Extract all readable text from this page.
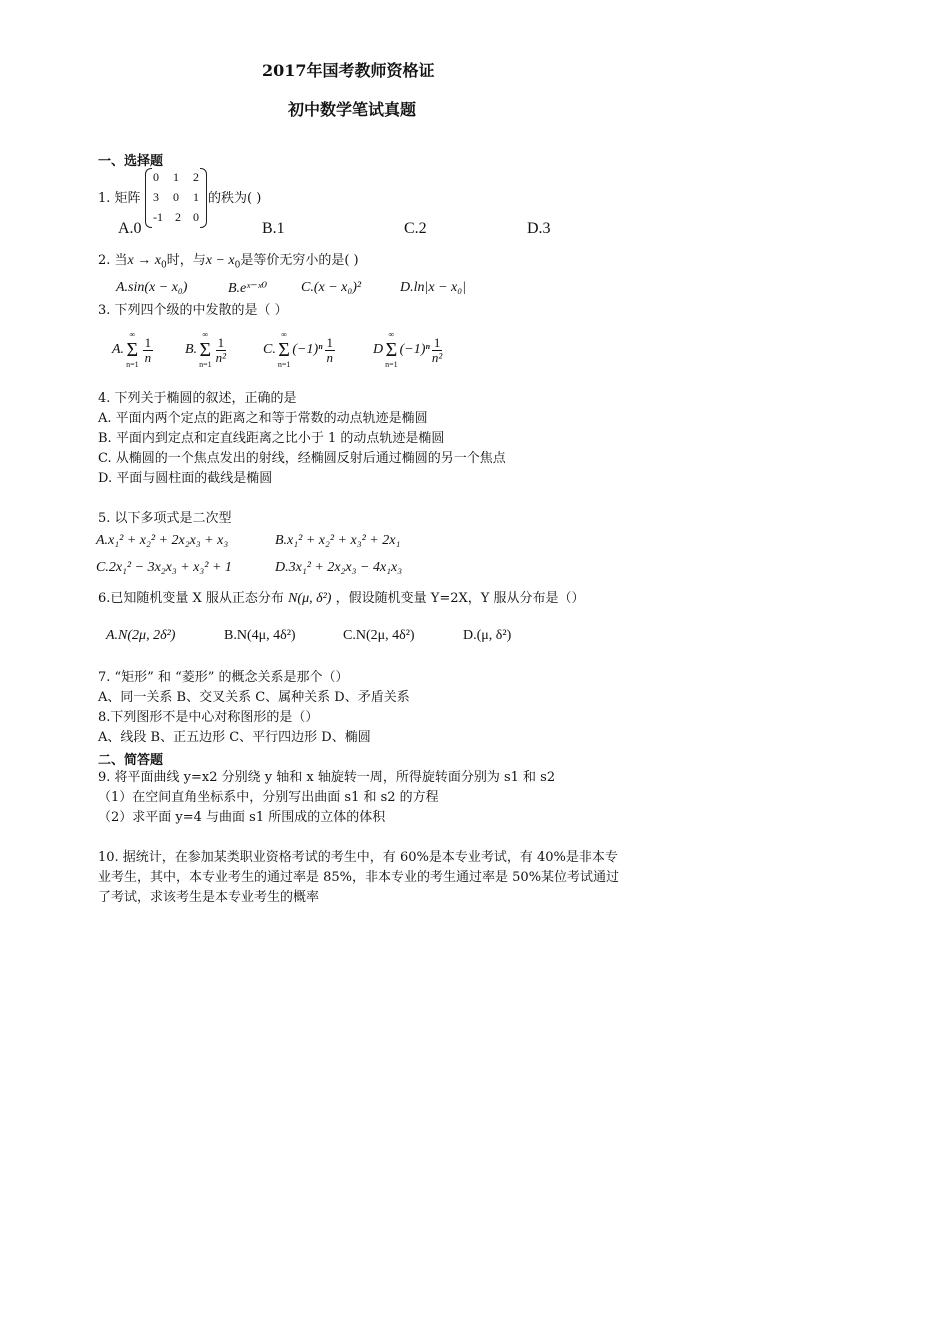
2017年国考教师资格证
初中数学笔试真题
一、选择题
1. 矩阵
0 1 2
3 0 1
-1 2 0
的秩为( )
A.0	B.1	C.2	D.3
2. 当$x \to x_0$时，与$x - x_0$是等价无穷小的是( )
A.sin(x − x₀)	B.eˣ⁻ˣ⁰ C.(x − x₀)²	D.ln|x − x₀|
3. 下列四个级的中发散的是（ ）
A.
∞
Σ
$n=1 \frac{1}{n} B$.
∞
Σ
$n=1 \frac{1}{\text{n²}}$	C.
∞
Σ
n=1
$(-1)^n \frac{1}{n}$	D
∞
Σ
n=1
$(-1)^n \frac{1}{\text{n²}}$
4. 下列关于椭圆的叙述，正确的是
A. 平面内两个定点的距离之和等于常数的动点轨迹是椭圆
B. 平面内到定点和定直线距离之比小于 1 的动点轨迹是椭圆
C. 从椭圆的一个焦点发出的射线，经椭圆反射后通过椭圆的另一个焦点
D. 平面与圆柱面的截线是椭圆
5. 以下多项式是二次型
A.x₁² + x₂² + 2x₂x₃ + x₃	B.x₁² + x₂² + x₃² + 2x₁
C.2x₁² − 3x₂x₃ + x₃² + 1	D.3x₁² + 2x₂x₃ − 4x₁x₃
6.已知随机变量 X 服从正态分布 N(μ, δ²) ，假设随机变量 Y=2X，Y 服从分布是（）
A.N(2μ, 2δ²)	B.N(4μ, 4δ²)	C.N(2μ, 4δ²)	D.(μ, δ²)
7. “矩形” 和 “菱形” 的概念关系是那个（）
A、同一关系 B、交叉关系 C、属种关系 D、矛盾关系
8.下列图形不是中心对称图形的是（）
A、线段 B、正五边形 C、平行四边形 D、椭圆
二、简答题
9. 将平面曲线 y=x2 分别绕 y 轴和 x 轴旋转一周，所得旋转面分别为 s1 和 s2
（1）在空间直角坐标系中，分别写出曲面 s1 和 s2 的方程
（2）求平面 y=4 与曲面 s1 所围成的立体的体积
10. 据统计，在参加某类职业资格考试的考生中，有 60%是本专业考试，有 40%是非本专
业考生，其中，本专业考生的通过率是 85%，非本专业的考生通过率是 50%某位考试通过
了考试，求该考生是本专业考生的概率
